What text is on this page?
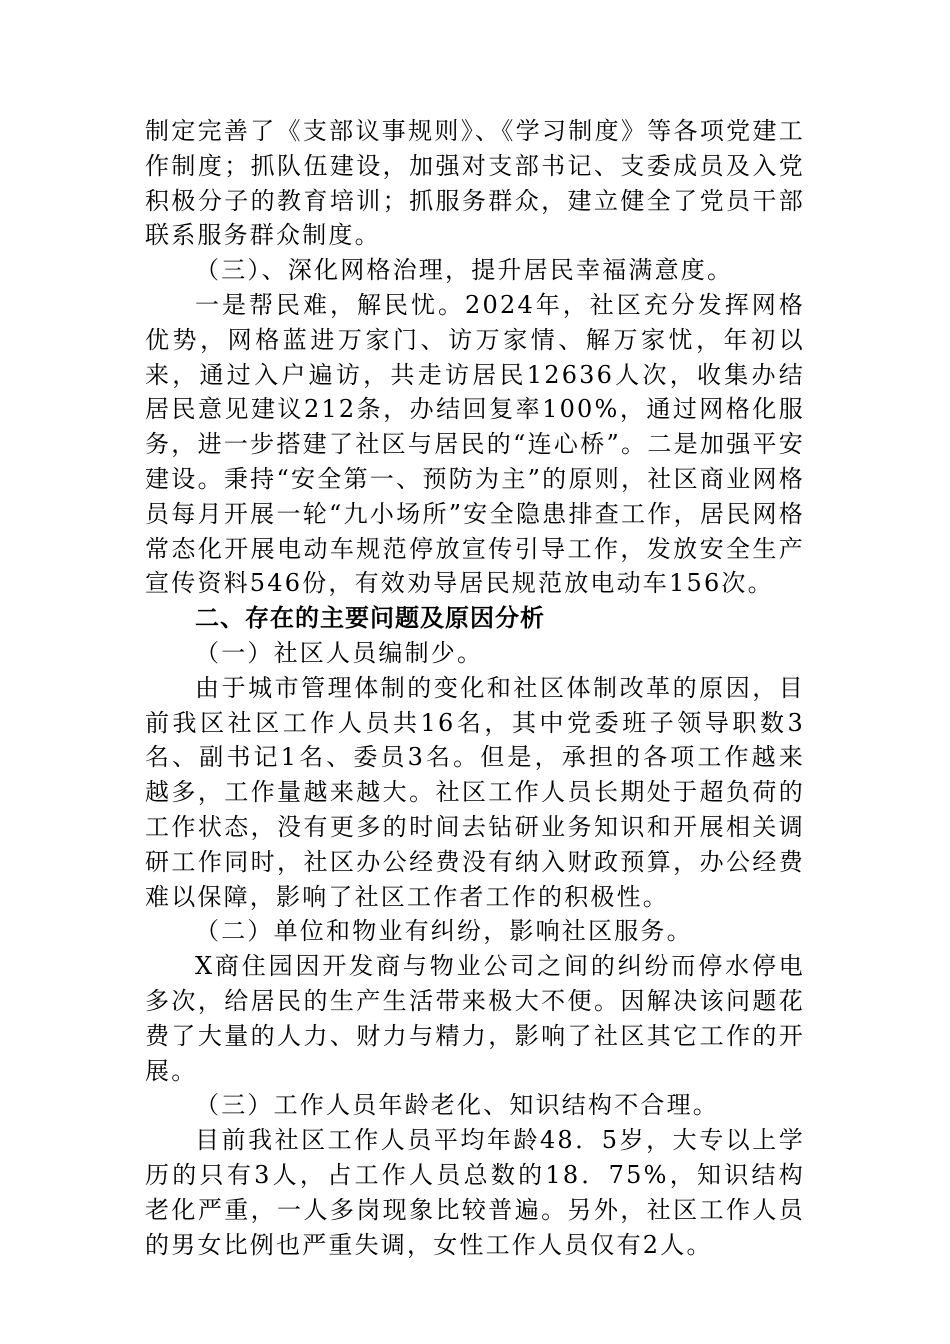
制定完善了《支部议事规则》、《学习制度》等各项党建工作制度；抓队伍建设，加强对支部书记、支委成员及入党积极分子的教育培训；抓服务群众，建立健全了党员干部联系服务群众制度。

（三）、深化网格治理，提升居民幸福满意度。

一是帮民难，解民忧。2024年，社区充分发挥网格优势，网格蓝进万家门、访万家情、解万家忧，年初以来，通过入户遍访，共走访居民12636人次，收集办结居民意见建议212条，办结回复率100%，通过网格化服务，进一步搭建了社区与居民的“连心桥”。二是加强平安建设。秉持“安全第一、预防为主”的原则，社区商业网格员每月开展一轮“九小场所”安全隐患排查工作，居民网格常态化开展电动车规范停放宣传引导工作，发放安全生产宣传资料546份，有效劝导居民规范放电动车156次。

二、存在的主要问题及原因分析

（一）社区人员编制少。

由于城市管理体制的变化和社区体制改革的原因，目前我区社区工作人员共16名，其中党委班子领导职数3名、副书记1名、委员3名。但是，承担的各项工作越来越多，工作量越来越大。社区工作人员长期处于超负荷的工作状态，没有更多的时间去钻研业务知识和开展相关调研工作同时，社区办公经费没有纳入财政预算，办公经费难以保障，影响了社区工作者工作的积极性。

（二）单位和物业有纠纷，影响社区服务。

X商住园因开发商与物业公司之间的纠纷而停水停电多次，给居民的生产生活带来极大不便。因解决该问题花费了大量的人力、财力与精力，影响了社区其它工作的开展。

（三）工作人员年龄老化、知识结构不合理。

目前我社区工作人员平均年龄48．5岁，大专以上学历的只有3人，占工作人员总数的18．75%，知识结构老化严重，一人多岗现象比较普遍。另外，社区工作人员的男女比例也严重失调，女性工作人员仅有2人。
